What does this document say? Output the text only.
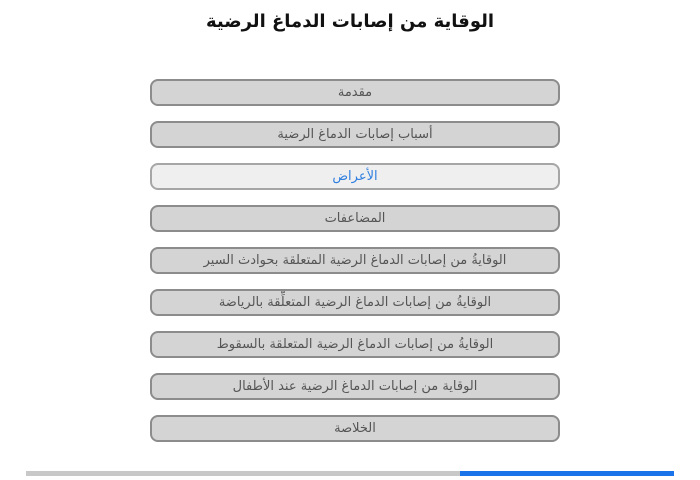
الوقاية من إصابات الدماغ الرضية
مقدمة
أسباب إصابات الدماغ الرضية
الأعراض
المضاعفات
الوقايةُ من إصابات الدماغ الرضية المتعلقة بحوادث السير
الوقايةُ من إصابات الدماغ الرضية المتعلِّقة بالرياضة
الوقايةُ من إصابات الدماغ الرضية المتعلقة بالسقوط
الوقاية من إصابات الدماغ الرضية عند الأطفال
الخلاصة
